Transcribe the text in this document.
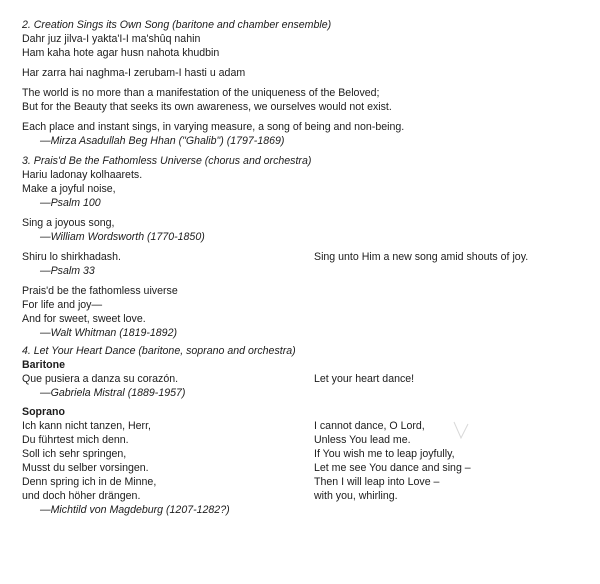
2. Creation Sings its Own Song (baritone and chamber ensemble)
Dahr juz jilva-I yakta'I-I ma'shûq nahin
Ham kaha hote agar husn nahota khudbin
Har zarra hai naghma-I zerubam-I hasti u adam
The world is no more than a manifestation of the uniqueness of the Beloved;
But for the Beauty that seeks its own awareness, we ourselves would not exist.
Each place and instant sings, in varying measure, a song of being and non-being.
—Mirza Asadullah Beg Hhan ("Ghalib") (1797-1869)
3. Prais'd Be the Fathomless Universe (chorus and orchestra)
Hariu ladonay kolhaarets.
Make a joyful noise,
—Psalm 100
Sing a joyous song,
—William Wordsworth (1770-1850)
Shiru lo shirkhadash.	Sing unto Him a new song amid shouts of joy.
—Psalm 33
Prais'd be the fathomless uiverse
For life and joy—
And for sweet, sweet love.
—Walt Whitman (1819-1892)
4. Let Your Heart Dance (baritone, soprano and orchestra)
Baritone
Que pusiera a danza su corazón.	Let your heart dance!
—Gabriela Mistral (1889-1957)
Soprano
Ich kann nicht tanzen, Herr,
Du führtest mich denn.
Soll ich sehr springen,
Musst du selber vorsingen.
Denn spring ich in de Minne,
und doch höher drängen.
—Michtild von Magdeburg (1207-1282?)
I cannot dance, O Lord,
Unless You lead me.
If You wish me to leap joyfully,
Let me see You dance and sing –
Then I will leap into Love –
with you, whirling.
